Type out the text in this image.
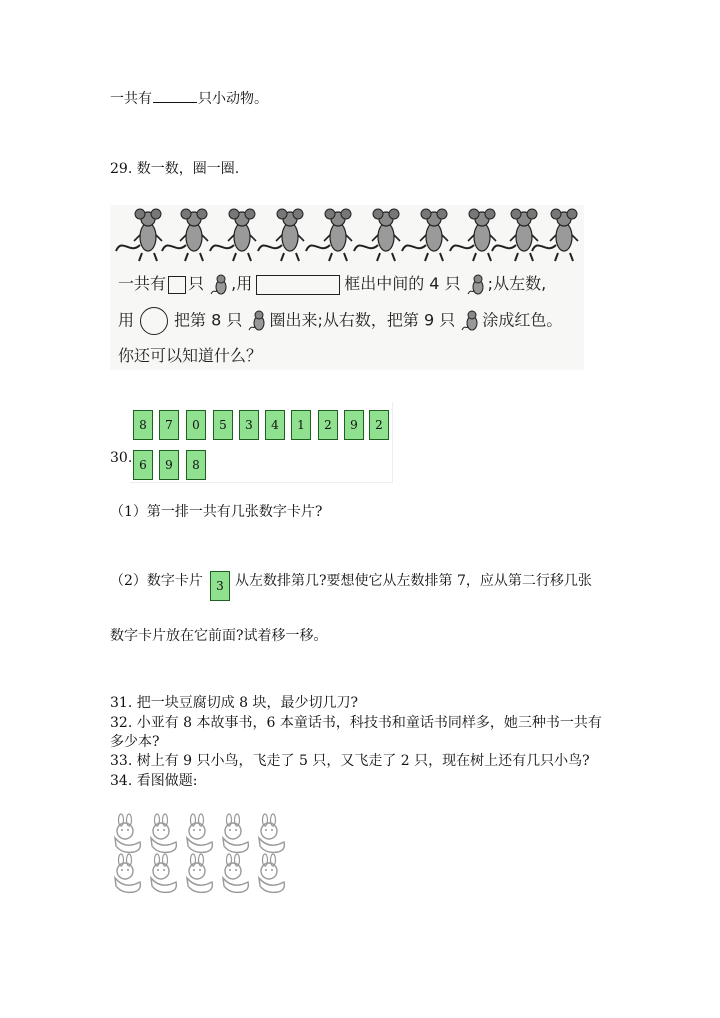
一共有	只小动物。
29. 数一数，圈一圈.
一共有 只 ,用	框出中间的 4 只 ;从左数,
用	把第 8 只 圈出来;从右数，把第 9 只 涂成红色。
你还可以知道什么？
30.
8	7	0	5	3	4	1	2	9	2
6	9	8
（1）第一排一共有几张数字卡片?
（2）数字卡片	3 从左数排第几?要想使它从左数排第 7，应从第二行移几张
数字卡片放在它前面?试着移一移。
31. 把一块豆腐切成 8 块，最少切几刀?
32. 小亚有 8 本故事书，6 本童话书，科技书和童话书同样多，她三种书一共有
多少本?
33. 树上有 9 只小鸟，飞走了 5 只，又飞走了 2 只，现在树上还有几只小鸟?
34. 看图做题:
